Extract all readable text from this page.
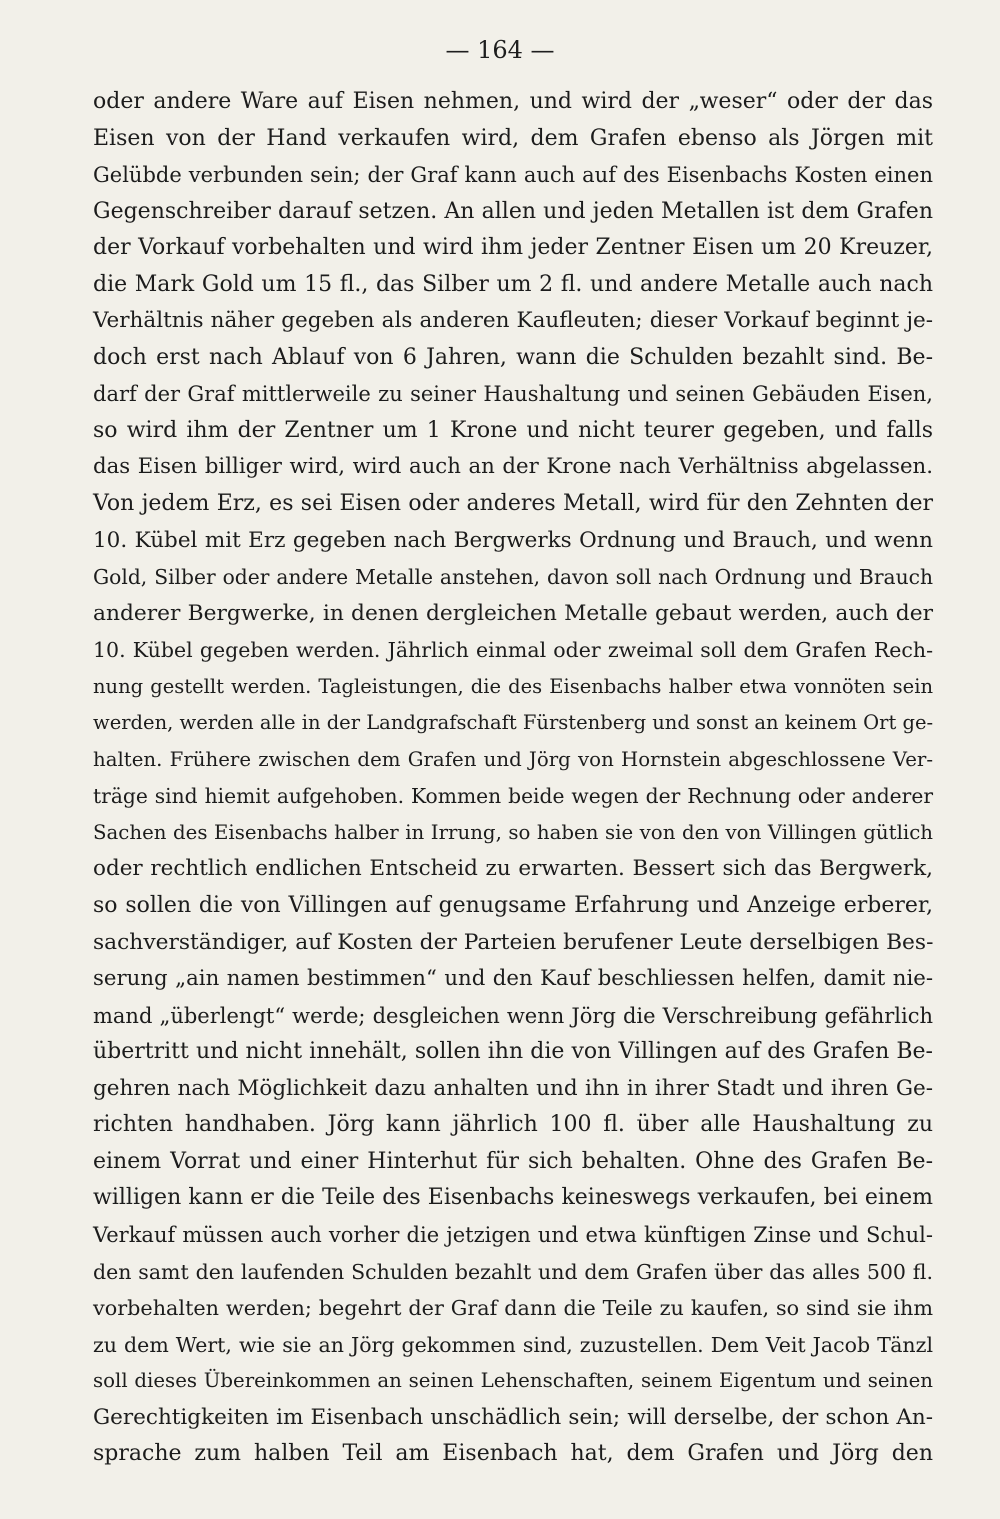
— 164 —

oder andere Ware auf Eisen nehmen, und wird der „weser“ oder der das
Eisen von der Hand verkaufen wird, dem Grafen ebenso als Jörgen mit
Gelübde verbunden sein; der Graf kann auch auf des Eisenbachs Kosten einen
Gegenschreiber darauf setzen. An allen und jeden Metallen ist dem Grafen
der Vorkauf vorbehalten und wird ihm jeder Zentner Eisen um 20 Kreuzer,
die Mark Gold um 15 fl., das Silber um 2 fl. und andere Metalle auch nach
Verhältnis näher gegeben als anderen Kaufleuten; dieser Vorkauf beginnt je-
doch erst nach Ablauf von 6 Jahren, wann die Schulden bezahlt sind. Be-
darf der Graf mittlerweile zu seiner Haushaltung und seinen Gebäuden Eisen,
so wird ihm der Zentner um 1 Krone und nicht teurer gegeben, und falls
das Eisen billiger wird, wird auch an der Krone nach Verhältniss abgelassen.
Von jedem Erz, es sei Eisen oder anderes Metall, wird für den Zehnten der
10. Kübel mit Erz gegeben nach Bergwerks Ordnung und Brauch, und wenn
Gold, Silber oder andere Metalle anstehen, davon soll nach Ordnung und Brauch
anderer Bergwerke, in denen dergleichen Metalle gebaut werden, auch der
10. Kübel gegeben werden. Jährlich einmal oder zweimal soll dem Grafen Rech-
nung gestellt werden. Tagleistungen, die des Eisenbachs halber etwa vonnöten sein
werden, werden alle in der Landgrafschaft Fürstenberg und sonst an keinem Ort ge-
halten. Frühere zwischen dem Grafen und Jörg von Hornstein abgeschlossene Ver-
träge sind hiemit aufgehoben. Kommen beide wegen der Rechnung oder anderer
Sachen des Eisenbachs halber in Irrung, so haben sie von den von Villingen gütlich
oder rechtlich endlichen Entscheid zu erwarten. Bessert sich das Bergwerk,
so sollen die von Villingen auf genugsame Erfahrung und Anzeige erberer,
sachverständiger, auf Kosten der Parteien berufener Leute derselbigen Bes-
serung „ain namen bestimmen“ und den Kauf beschliessen helfen, damit nie-
mand „überlengt“ werde; desgleichen wenn Jörg die Verschreibung gefährlich
übertritt und nicht innehält, sollen ihn die von Villingen auf des Grafen Be-
gehren nach Möglichkeit dazu anhalten und ihn in ihrer Stadt und ihren Ge-
richten handhaben. Jörg kann jährlich 100 fl. über alle Haushaltung zu
einem Vorrat und einer Hinterhut für sich behalten. Ohne des Grafen Be-
willigen kann er die Teile des Eisenbachs keineswegs verkaufen, bei einem
Verkauf müssen auch vorher die jetzigen und etwa künftigen Zinse und Schul-
den samt den laufenden Schulden bezahlt und dem Grafen über das alles 500 fl.
vorbehalten werden; begehrt der Graf dann die Teile zu kaufen, so sind sie ihm
zu dem Wert, wie sie an Jörg gekommen sind, zuzustellen. Dem Veit Jacob Tänzl
soll dieses Übereinkommen an seinen Lehenschaften, seinem Eigentum und seinen
Gerechtigkeiten im Eisenbach unschädlich sein; will derselbe, der schon An-
sprache zum halben Teil am Eisenbach hat, dem Grafen und Jörg den
